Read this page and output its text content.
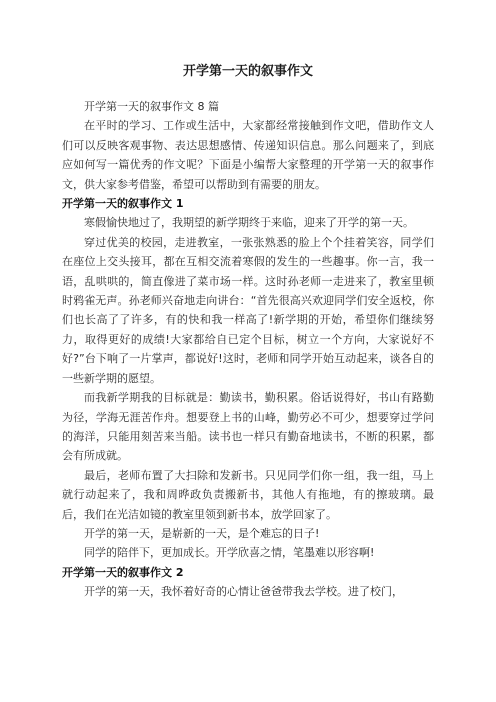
开学第一天的叙事作文

开学第一天的叙事作文 8 篇

在平时的学习、工作或生活中，大家都经常接触到作文吧，借助作文人们可以反映客观事物、表达思想感情、传递知识信息。那么问题来了，到底应如何写一篇优秀的作文呢？下面是小编帮大家整理的开学第一天的叙事作文，供大家参考借鉴，希望可以帮助到有需要的朋友。

开学第一天的叙事作文 1

寒假愉快地过了，我期望的新学期终于来临，迎来了开学的第一天。

穿过优美的校园，走进教室，一张张熟悉的脸上个个挂着笑容，同学们在座位上交头接耳，都在互相交流着寒假的发生的一些趣事。你一言，我一语，乱哄哄的，简直像进了菜市场一样。这时孙老师一走进来了，教室里顿时鸦雀无声。孙老师兴奋地走向讲台：“首先很高兴欢迎同学们安全返校，你们也长高了了许多，有的快和我一样高了!新学期的开始，希望你们继续努力，取得更好的成绩!大家都给自已定个目标，树立一个方向，大家说好不好?”台下响了一片掌声，都说好!这时，老师和同学开始互动起来，谈各自的一些新学期的愿望。

而我新学期我的目标就是：勤读书，勤积累。俗话说得好，书山有路勤为径，学海无涯苦作舟。想要登上书的山峰，勤劳必不可少，想要穿过学问的海洋，只能用刻苦来当船。读书也一样只有勤奋地读书，不断的积累，都会有所成就。

最后，老师布置了大扫除和发新书。只见同学们你一组，我一组，马上就行动起来了，我和周晔政负责搬新书，其他人有拖地，有的擦玻璃。最后，我们在光洁如镜的教室里领到新书本，放学回家了。

开学的第一天，是崭新的一天，是个难忘的日子!

同学的陪伴下，更加成长。开学欣喜之情，笔墨难以形容啊!

开学第一天的叙事作文 2

开学的第一天，我怀着好奇的心情让爸爸带我去学校。进了校门，
